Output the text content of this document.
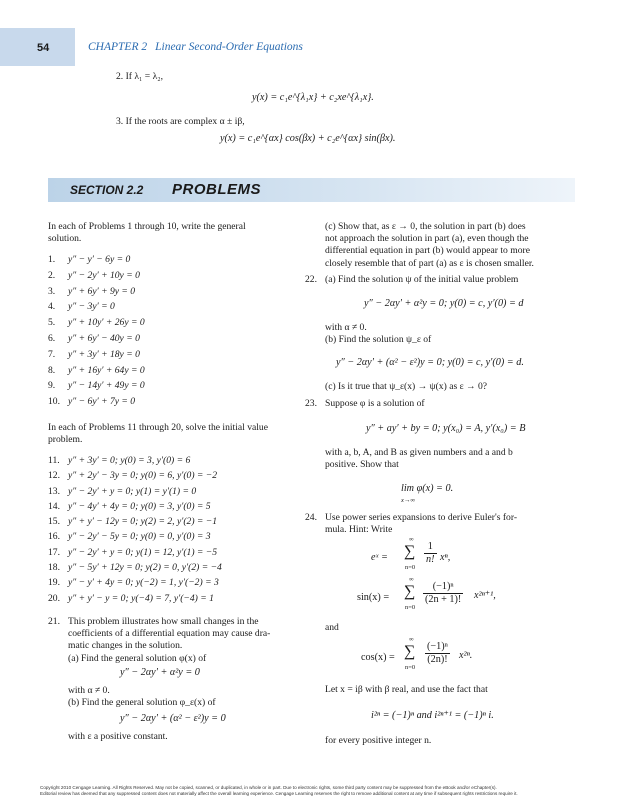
54	CHAPTER 2 Linear Second-Order Equations
2. If λ₁ = λ₂,
y(x) = c₁e^{λ₁x} + c₂xe^{λ₁x}.
3. If the roots are complex α ± iβ,
y(x) = c₁e^{αx} cos(βx) + c₂e^{αx} sin(βx).
SECTION 2.2 PROBLEMS
In each of Problems 1 through 10, write the general
solution.
1. y″ − y′ − 6y = 0
2. y″ − 2y′ + 10y = 0
3. y″ + 6y′ + 9y = 0
4. y″ − 3y′ = 0
5. y″ + 10y′ + 26y = 0
6. y″ + 6y′ − 40y = 0
7. y″ + 3y′ + 18y = 0
8. y″ + 16y′ + 64y = 0
9. y″ − 14y′ + 49y = 0
10. y″ − 6y′ + 7y = 0
In each of Problems 11 through 20, solve the initial value
problem.
11. y″ + 3y′ = 0; y(0) = 3, y′(0) = 6
12. y″ + 2y′ − 3y = 0; y(0) = 6, y′(0) = −2
13. y″ − 2y′ + y = 0; y(1) = y′(1) = 0
14. y″ − 4y′ + 4y = 0; y(0) = 3, y′(0) = 5
15. y″ + y′ − 12y = 0; y(2) = 2, y′(2) = −1
16. y″ − 2y′ − 5y = 0; y(0) = 0, y′(0) = 3
17. y″ − 2y′ + y = 0; y(1) = 12, y′(1) = −5
18. y″ − 5y′ + 12y = 0; y(2) = 0, y′(2) = −4
19. y″ − y′ + 4y = 0; y(−2) = 1, y′(−2) = 3
20. y″ + y′ − y = 0; y(−4) = 7, y′(−4) = 1
21. This problem illustrates how small changes in the
coefficients of a differential equation may cause dra-
matic changes in the solution.
(a) Find the general solution φ(x) of
y″ − 2αy′ + α²y = 0
with α ≠ 0.
(b) Find the general solution φ_ε(x) of
y″ − 2αy′ + (α² − ε²)y = 0
with ε a positive constant.
(c) Show that, as ε → 0, the solution in part (b) does
not approach the solution in part (a), even though the
differential equation in part (b) would appear to more
closely resemble that of part (a) as ε is chosen smaller.
22. (a) Find the solution ψ of the initial value problem
y″ − 2αy′ + α²y = 0; y(0) = c, y′(0) = d
with α ≠ 0.
(b) Find the solution ψ_ε of
y″ − 2αy′ + (α² − ε²)y = 0; y(0) = c, y′(0) = d.
(c) Is it true that ψ_ε(x) → ψ(x) as ε → 0?
23. Suppose φ is a solution of
y″ + ay′ + by = 0; y(x₀) = A, y′(x₀) = B
with a, b, A, and B as given numbers and a and b
positive. Show that
lim φ(x) = 0.
x→∞
24. Use power series expansions to derive Euler's for-
mula. Hint: Write
eˣ =
∞
∑
n=0
$\frac{1}{n!} x^n$,
sin(x) =
∞
∑
n=0
$\frac{\text{(−1)ⁿ}}{(2n + 1)!} x^{2n+1}$,
and
cos(x) =
∞
∑
n=0
$\frac{\text{(−1)ⁿ}}{(2n)!} x^{2n}$.
Let x = iβ with β real, and use the fact that
i²ⁿ = (−1)ⁿ and i²ⁿ⁺¹ = (−1)ⁿ i.
for every positive integer n.
Copyright 2010 Cengage Learning. All Rights Reserved. May not be copied, scanned, or duplicated, in whole or in part. Due to electronic rights, some third party content may be suppressed from the eBook and/or eChapter(s).
Editorial review has deemed that any suppressed content does not materially affect the overall learning experience. Cengage Learning reserves the right to remove additional content at any time if subsequent rights restrictions require it.
